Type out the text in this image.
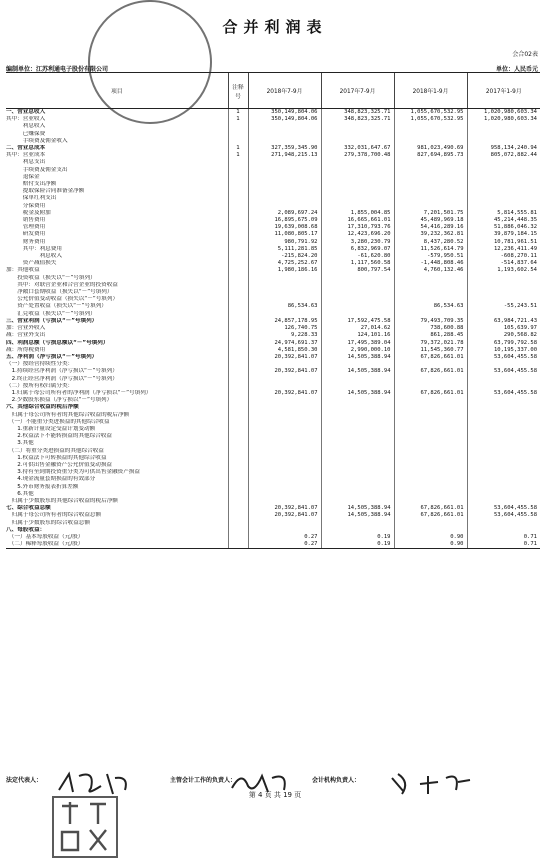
合并利润表
会合02表
编制单位：江苏利通电子股份有限公司	单位：人民币元
项目	注释号	2018年7-9月	2017年7-9月	2018年1-9月	2017年1-9月
一、营业总收入	1	350,149,804.06	348,823,325.71	1,055,670,532.95	1,020,980,603.34
其中：营业收入	1	350,149,804.06	348,823,325.71	1,055,670,532.95	1,020,980,603.34
　　　利息收入					
　　　已赚保费					
　　　手续费及佣金收入					
二、营业总成本	1	327,359,345.90	332,031,647.67	981,023,490.69	958,134,240.94
其中：营业成本	1	271,948,215.13	279,378,700.48	827,694,895.73	805,072,882.44
　　　利息支出					
　　　手续费及佣金支出					
　　　退保金					
　　　赔付支出净额					
　　　提取保险合同准备金净额					
　　　保单红利支出					
　　　分保费用					
　　　税金及附加		2,089,697.24	1,855,004.85	7,201,501.75	5,814,555.81
　　　销售费用		16,895,675.09	16,665,661.01	45,489,969.18	45,214,448.35
　　　管理费用		19,639,008.68	17,310,793.76	54,416,289.16	51,886,046.32
　　　研发费用		11,080,805.17	12,423,696.20	39,232,362.81	39,879,184.15
　　　财务费用		980,791.92	3,280,230.79	8,437,280.52	10,781,961.51
　　　其中：利息费用		5,111,281.85	6,832,969.07	11,526,614.79	12,236,411.49
　　　　　　利息收入		-215,824.20	-61,620.80	-579,950.51	-608,270.11
　　　资产减值损失		4,725,252.67	1,117,560.58	-1,448,808.46	-514,837.64
加：其他收益		1,980,186.16	800,797.54	4,760,132.46	1,193,602.54
　　投资收益（损失以“－”号填列）					
　　其中：对联营企业和合营企业的投资收益					
　　净敞口套期收益（损失以“－”号填列）					
　　公允价值变动收益（损失以“－”号填列）					
　　资产处置收益（损失以“－”号填列）		86,534.63		86,534.63	-55,243.51
　　汇兑收益（损失以“－”号填列）					
三、营业利润（亏损以“－”号填列）		24,857,178.95	17,592,475.58	79,493,709.35	63,984,721.43
加：营业外收入		126,740.75	27,014.62	738,600.88	105,639.97
减：营业外支出		9,228.33	124,101.16	861,288.45	290,568.82
四、利润总额（亏损总额以“－”号填列）		24,974,691.37	17,495,389.04	79,372,021.78	63,799,792.58
减：所得税费用		4,581,850.30	2,990,000.10	11,545,360.77	10,195,337.00
五、净利润（净亏损以“－”号填列）		20,392,841.07	14,505,388.94	67,826,661.01	53,604,455.58
（一）按经营持续性分类：					
　1.持续经营净利润（净亏损以“－”号填列）		20,392,841.07	14,505,388.94	67,826,661.01	53,604,455.58
　2.终止经营净利润（净亏损以“－”号填列）					
（二）按所有权归属分类：					
　1.归属于母公司所有者的净利润（净亏损以“－”号填列）		20,392,841.07	14,505,388.94	67,826,661.01	53,604,455.58
　2.少数股东损益（净亏损以“－”号填列）					
六、其他综合收益的税后净额					
　归属于母公司所有者的其他综合收益的税后净额					
　（一）不能重分类进损益的其他综合收益					
　　1.重新计量设定受益计划变动额					
　　2.权益法下不能转损益的其他综合收益					
　　3.其他					
　（二）将重分类进损益的其他综合收益					
　　1.权益法下可转损益的其他综合收益					
　　2.可供出售金融资产公允价值变动损益					
　　3.持有至到期投资重分类为可供出售金融资产损益					
　　4.现金流量套期损益的有效部分					
　　5.外币财务报表折算差额					
　　6.其他					
　归属于少数股东的其他综合收益的税后净额					
七、综合收益总额		20,392,841.07	14,505,388.94	67,826,661.01	53,604,455.58
　归属于母公司所有者的综合收益总额		20,392,841.07	14,505,388.94	67,826,661.01	53,604,455.58
　归属于少数股东的综合收益总额					
八、每股收益：					
　（一）基本每股收益（元/股）		0.27	0.19	0.90	0.71
　（二）稀释每股收益（元/股）		0.27	0.19	0.90	0.71
法定代表人：	主管会计工作的负责人：	会计机构负责人：
第 4 页 共 19 页
